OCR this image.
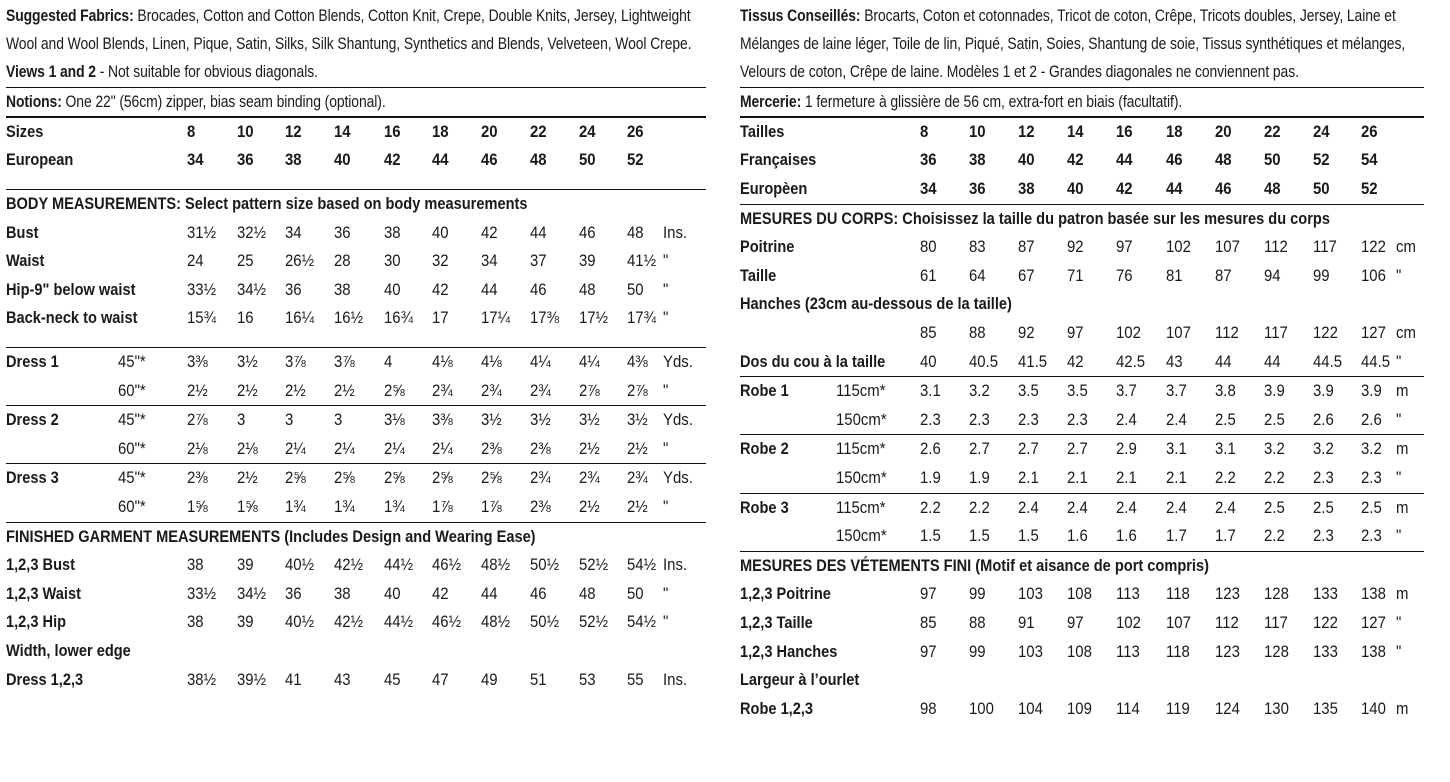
Suggested Fabrics: Brocades, Cotton and Cotton Blends, Cotton Knit, Crepe, Double Knits, Jersey, Lightweight Wool and Wool Blends, Linen, Pique, Satin, Silks, Silk Shantung, Synthetics and Blends, Velveteen, Wool Crepe. Views 1 and 2 - Not suitable for obvious diagonals.

Notions: One 22" (56cm) zipper, bias seam binding (optional).

Sizes	8	10 12 14 16 18 20 22 24 26
European	34 36 38 40 42 44 46 48 50 52
BODY MEASUREMENTS: Select pattern size based on body measurements
Bust	31½ 32½ 34 36 38 40 42 44 46 48 Ins.
Waist	24 25 26½ 28 30 32 34 37 39 41½ "
Hip-9" below waist	33½ 34½ 36 38 40 42 44 46 48 50 "
Back-neck to waist	15¾ 16 16¼ 16½ 16¾ 17 17¼ 17⅜ 17½ 17¾ "
Dress 1	45"* 3⅜ 3½ 3⅞ 3⅞ 4 4⅛ 4⅛ 4¼ 4¼ 4⅜ Yds.
60"* 2½ 2½ 2½ 2½ 2⅝ 2¾ 2¾ 2¾ 2⅞ 2⅞ "
Dress 2	45"* 2⅞ 3 3 3	3⅛ 3⅜ 3½ 3½ 3½ 3½ Yds.
60"* 2⅛ 2⅛ 2¼ 2¼ 2¼ 2¼ 2⅜ 2⅜ 2½ 2½ "
Dress 3	45"* 2⅜ 2½ 2⅝ 2⅝ 2⅝ 2⅝ 2⅝ 2¾ 2¾ 2¾ Yds.
60"* 1⅝ 1⅝ 1¾ 1¾ 1¾ 1⅞ 1⅞ 2⅜ 2½ 2½ "
FINISHED GARMENT MEASUREMENTS (Includes Design and Wearing Ease)
1,2,3 Bust	38 39 40½ 42½ 44½ 46½ 48½ 50½ 52½ 54½ Ins.
1,2,3 Waist	33½ 34½ 36 38 40 42 44 46 48 50 "
1,2,3 Hip	38 39 40½ 42½ 44½ 46½ 48½ 50½ 52½ 54½ "
Width, lower edge
Dress 1,2,3	38½ 39½ 41 43 45 47 49 51 53 55 Ins.

Tissus Conseillés: Brocarts, Coton et cotonnades, Tricot de coton, Crêpe, Tricots doubles, Jersey, Laine et Mélanges de laine léger, Toile de lin, Piqué, Satin, Soies, Shantung de soie, Tissus synthétiques et mélanges, Velours de coton, Crêpe de laine. Modèles 1 et 2 - Grandes diagonales ne conviennent pas.

Mercerie: 1 fermeture à glissière de 56 cm, extra-fort en biais (facultatif).

Tailles	8 10 12 14 16 18 20 22 24 26
Françaises	36 38 40 42 44 46 48 50 52 54
Europèen	34 36 38 40 42 44 46 48 50 52
MESURES DU CORPS: Choisissez la taille du patron basée sur les mesures du corps
Poitrine	80 83 87 92 97 102 107 112 117 122 cm
Taille	61 64 67 71 76 81 87 94 99 106 "
Hanches (23cm au-dessous de la taille)
85 88 92 97 102 107 112 117 122 127 cm
Dos du cou à la taille 40 40.5 41.5 42 42.5 43 44 44 44.5 44.5 "
Robe 1	115cm* 3.1 3.2 3.5 3.5 3.7 3.7 3.8 3.9 3.9 3.9 m
150cm* 2.3 2.3 2.3 2.3 2.4 2.4 2.5 2.5 2.6 2.6 "
Robe 2	115cm* 2.6 2.7 2.7 2.7 2.9 3.1 3.1 3.2 3.2 3.2 m
150cm* 1.9 1.9 2.1 2.1 2.1 2.1 2.2 2.2 2.3 2.3 "
Robe 3	115cm* 2.2 2.2 2.4 2.4 2.4 2.4 2.4 2.5 2.5 2.5 m
150cm* 1.5 1.5 1.5 1.6 1.6 1.7 1.7 2.2 2.3 2.3 "
MESURES DES VÉTEMENTS FINI (Motif et aisance de port compris)
1,2,3 Poitrine	97 99 103 108 113 118 123 128 133 138 m
1,2,3 Taille	85 88 91 97 102 107 112 117 122 127 "
1,2,3 Hanches	97 99 103 108 113 118 123 128 133 138 "
Largeur à l’ourlet
Robe 1,2,3	98 100 104 109 114 119 124 130 135 140 m
